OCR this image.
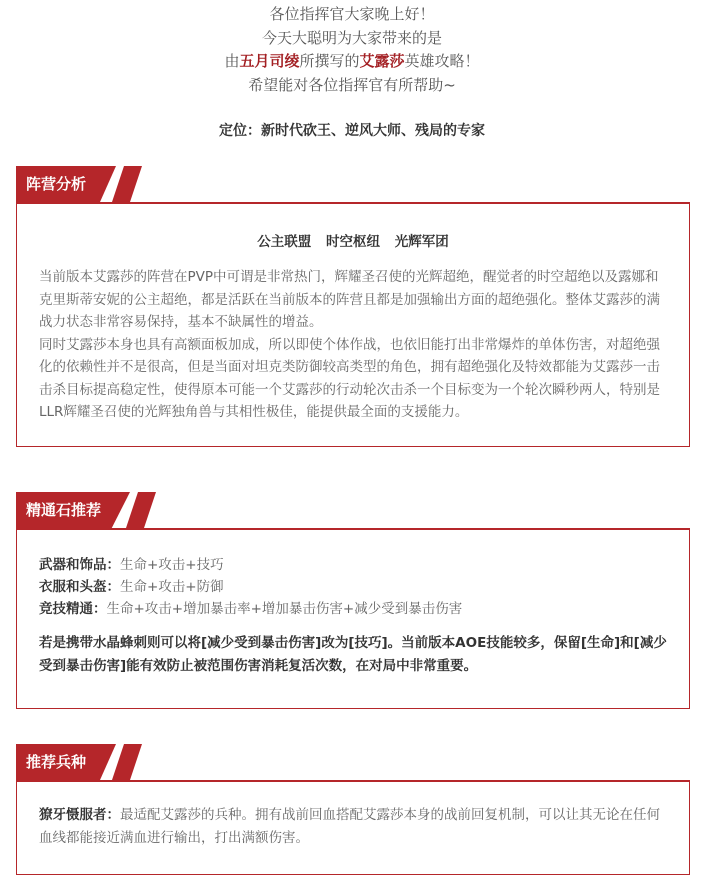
各位指挥官大家晚上好！
今天大聪明为大家带来的是
由五月司绫所撰写的艾露莎英雄攻略！
希望能对各位指挥官有所帮助~
定位：新时代砍王、逆风大师、残局的专家
阵营分析
公主联盟 时空枢纽 光辉军团

当前版本艾露莎的阵营在PVP中可谓是非常热门，辉耀圣召使的光辉超绝，醒觉者的时空超绝以及露娜和克里斯蒂安妮的公主超绝，都是活跃在当前版本的阵营且都是加强输出方面的超绝强化。整体艾露莎的满战力状态非常容易保持，基本不缺属性的增益。

同时艾露莎本身也具有高额面板加成，所以即使个体作战，也依旧能打出非常爆炸的单体伤害，对超绝强化的依赖性并不是很高，但是当面对坦克类防御较高类型的角色，拥有超绝强化及特效都能为艾露莎一击击杀目标提高稳定性，使得原本可能一个艾露莎的行动轮次击杀一个目标变为一个轮次瞬秒两人，特别是LLR辉耀圣召使的光辉独角兽与其相性极佳，能提供最全面的支援能力。

精通石推荐
武器和饰品：生命+攻击+技巧
衣服和头盔：生命+攻击+防御
竞技精通：生命+攻击+增加暴击率+增加暴击伤害+减少受到暴击伤害
若是携带水晶蜂刺则可以将[减少受到暴击伤害]改为[技巧]。当前版本AOE技能较多，保留[生命]和[减少受到暴击伤害]能有效防止被范围伤害消耗复活次数，在对局中非常重要。
推荐兵种
獠牙慑服者：最适配艾露莎的兵种。拥有战前回血搭配艾露莎本身的战前回复机制，可以让其无论在任何血线都能接近满血进行输出，打出满额伤害。
